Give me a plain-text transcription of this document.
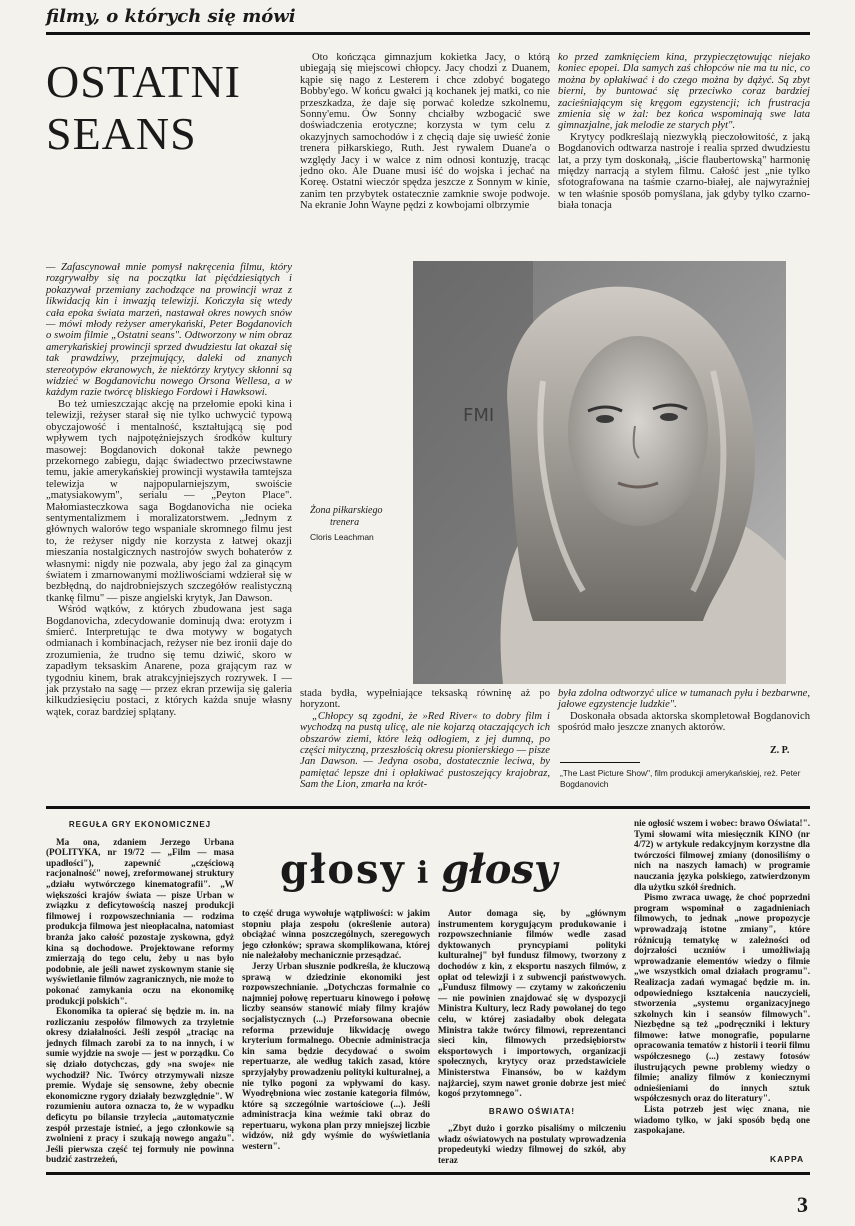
filmy, o których się mówi
OSTATNI
SEANS

— Zafascynował mnie pomysł nakręcenia filmu, który rozgrywałby się na początku lat pięćdziesiątych i pokazywał przemiany zachodzące na prowincji wraz z likwidacją kin i inwazją telewizji. Kończyła się wtedy cała epoka świata marzeń, nastawał okres nowych snów — mówi młody reżyser amerykański, Peter Bogdanovich o swoim filmie „Ostatni seans". Odtworzony w nim obraz amerykańskiej prowincji sprzed dwudziestu lat okazał się tak prawdziwy, przejmujący, daleki od znanych stereotypów ekranowych, że niektórzy krytycy skłonni są widzieć w Bogdanovichu nowego Orsona Wellesa, a w każdym razie twórcę bliskiego Fordowi i Hawksowi.

Bo też umieszczając akcję na przełomie epoki kina i telewizji, reżyser starał się nie tylko uchwycić typową obyczajowość i mentalność, kształtującą się pod wpływem tych najpotężniejszych środków kultury masowej: Bogdanovich dokonał także pewnego przekornego zabiegu, dając świadectwo przeciwstawne temu, jakie amerykańskiej prowincji wystawiła tamtejsza telewizja w najpopularniejszym, swoiście „matysiakowym", serialu — „Peyton Place". Małomiasteczkowa saga Bogdanovicha nie ocieka sentymentalizmem i moralizatorstwem. „Jednym z głównych walorów tego wspaniale skromnego filmu jest to, że reżyser nigdy nie korzysta z łatwej okazji mieszania nostalgicznych nastrojów swych bohaterów z własnymi: nigdy nie pozwala, aby jego żal za ginącym światem i zmarnowanymi możliwościami wdzierał się w bezbłędną, do najdrobniejszych szczegółów realistyczną tkankę filmu" — pisze angielski krytyk, Jan Dawson.

Wśród wątków, z których zbudowana jest saga Bogdanovicha, zdecydowanie dominują dwa: erotyzm i śmierć. Interpretując te dwa motywy w bogatych odmianach i kombinacjach, reżyser nie bez ironii daje do zrozumienia, że trudno się temu dziwić, skoro w zapadłym teksaskim Anarene, poza grającym raz w tygodniu kinem, brak atrakcyjniejszych rozrywek. I — jak przystało na sagę — przez ekran przewija się galeria kilkudziesięciu postaci, z których każda snuje własny wątek, coraz bardziej splątany.

Oto kończąca gimnazjum kokietka Jacy, o którą ubiegają się miejscowi chłopcy. Jacy chodzi z Duanem, kąpie się nago z Lesterem i chce zdobyć bogatego Bobby'ego. W końcu gwałci ją kochanek jej matki, co nie przeszkadza, że daje się porwać koledze szkolnemu, Sonny'emu. Ów Sonny chciałby wzbogacić swe doświadczenia erotyczne; korzysta w tym celu z okazyjnych samochodów i z chęcią daje się uwieść żonie trenera piłkarskiego, Ruth. Jest rywalem Duane'a o względy Jacy i w walce z nim odnosi kontuzję, tracąc jedno oko. Ale Duane musi iść do wojska i jechać na Koreę. Ostatni wieczór spędza jeszcze z Sonnym w kinie, zanim ten przybytek ostatecznie zamknie swoje podwoje. Na ekranie John Wayne pędzi z kowbojami olbrzymie

ko przed zamknięciem kina, przypieczętowując niejako koniec epopei. Dla samych zaś chłopców nie ma tu nic, co można by opłakiwać i do czego można by dążyć. Są zbyt bierni, by buntować się przeciwko coraz bardziej zacieśniającym się kręgom egzystencji; ich frustracja zmienia się w żal: bez końca wspominają swe lata gimnazjalne, jak melodie ze starych płyt".

Krytycy podkreślają niezwykłą pieczołowitość, z jaką Bogdanovich odtwarza nastroje i realia sprzed dwudziestu lat, a przy tym doskonałą, „iście flaubertowską" harmonię między narracją a stylem filmu. Całość jest „nie tylko sfotografowana na taśmie czarno-białej, ale najwyraźniej w ten właśnie sposób pomyślana, jak gdyby tylko czarno-biała tonacja

FMI
Żona piłkarskiego
trenera
Cloris Leachman

stada bydła, wypełniające teksaską równinę aż po horyzont.

„Chłopcy są zgodni, że »Red River« to dobry film i wychodzą na pustą ulicę, ale nie kojarzą otaczających ich obszarów ziemi, które leżą odłogiem, z jej dumną, po części mityczną, przeszłością okresu pionierskiego — pisze Jan Dawson. — Jedyna osoba, dostatecznie leciwa, by pamiętać lepsze dni i opłakiwać pustoszejący krajobraz, Sam the Lion, zmarła na krót-

była zdolna odtworzyć ulice w tumanach pyłu i bezbarwne, jałowe egzystencje ludzkie".

Doskonała obsada aktorska skompletował Bogdanovich spośród mało jeszcze znanych aktorów.

Z. P.
„The Last Picture Show", film produkcji amerykańskiej, reż. Peter Bogdanovich
głosy i głosy

REGUŁA GRY EKONOMICZNEJ

Ma ona, zdaniem Jerzego Urbana (POLITYKA, nr 19/72 — „Film — masa upadłości"), zapewnić „częściową racjonalność" nowej, zreformowanej struktury „działu wytwórczego kinematografii". „W większości krajów świata — pisze Urban w związku z deficytowością naszej produkcji filmowej i rozpowszechniania — rodzima produkcja filmowa jest nieopłacalna, natomiast branża jako całość pozostaje zyskowna, gdyż kina są dochodowe. Projektowane reformy zmierzają do tego celu, żeby u nas było podobnie, ale jeśli nawet zyskownym stanie się wyświetlanie filmów zagranicznych, nie może to pokonać zamykania oczu na ekonomikę produkcji polskich".

Ekonomika ta opierać się będzie m. in. na rozliczaniu zespołów filmowych za trzyletnie okresy działalności. Jeśli zespół „traciąc na jednych filmach zarobi za to na innych, i w sumie wyjdzie na swoje — jest w porządku. Co się działo dotychczas, gdy »na swoje« nie wychodził? Nic. Twórcy otrzymywali nizsze premie. Wydaje się sensowne, żeby obecnie ekonomiczne rygory działały bezwzględnie". W rozumieniu autora oznacza to, że w wypadku deficytu po bilansie trzylecia „automatycznie zespół przestaje istnieć, a jego członkowie są zwolnieni z pracy i szukają nowego angażu". Jeśli pierwsza część tej formuły nie powinna budzić zastrzeżeń,

to część druga wywołuje wątpliwości: w jakim stopniu płaja zespołu (określenie autora) obciążać winna poszczególnych, szeregowych jego członków; sprawa skomplikowana, której nie należałoby mechanicznie przesądzać.

Jerzy Urban słusznie podkreśla, że kluczową sprawą w dziedzinie ekonomiki jest rozpowszechnianie. „Dotychczas formalnie co najmniej połowę repertuaru kinowego i połowę liczby seansów stanowić miały filmy krajów socjalistycznych (...) Przeforsowana obecnie reforma przewiduje likwidację owego kryterium formalnego. Obecnie administracja kin sama będzie decydować o swoim repertuarze, ale według takich zasad, które sprzyjałyby prowadzeniu polityki kulturalnej, a nie tylko pogoni za wpływami do kasy. Wyodrębniona wiec zostanie kategoria filmów, które są szczególnie wartościowe (...). Jeśli administracja kina weźmie taki obraz do repertuaru, wykona plan przy mniejszej liczbie widzów, niż gdy wyśmie do wyświetlania western".

Autor domaga się, by „głównym instrumentem korygującym produkowanie i rozpowszechnianie filmów wedle zasad dyktowanych pryncypiami polityki kulturalnej" był fundusz filmowy, tworzony z dochodów z kin, z eksportu naszych filmów, z opłat od telewizji i z subwencji państwowych. „Fundusz filmowy — czytamy w zakończeniu — nie powinien znajdować się w dyspozycji Ministra Kultury, lecz Rady powołanej do tego celu, w której zasiadałby obok delegata Ministra także twórcy filmowi, reprezentanci sieci kin, filmowych przedsiębiorstw eksportowych i importowych, organizacji społecznych, krytycy oraz przedstawiciele Ministerstwa Finansów, bo w każdym najżarciej, szym nawet gronie dobrze jest mieć kogoś przytomnego".

BRAWO OŚWIATA!

„Zbyt dużo i gorzko pisaliśmy o milczeniu władz oświatowych na postulaty wprowadzenia propedeutyki wiedzy filmowej do szkół, aby teraz

nie ogłosić wszem i wobec: brawo Oświata!". Tymi słowami wita miesięcznik KINO (nr 4/72) w artykule redakcyjnym korzystne dla twórczości filmowej zmiany (donosiliśmy o nich na naszych łamach) w programie nauczania języka polskiego, zatwierdzonym dla użytku szkół średnich.

Pismo zwraca uwagę, że choć poprzedni program wspominał o zagadnieniach filmowych, to jednak „nowe propozycje wprowadzają istotne zmiany", które różnicują tematykę w zależności od dojrzałości uczniów i umożliwiają wprowadzanie elementów wiedzy o filmie „we wszystkich omal działach programu". Realizacja zadań wymagać będzie m. in. odpowiedniego kształcenia nauczycieli, stworzenia „systemu organizacyjnego szkolnych kin i seansów filmowych". Niezbędne są też „podręczniki i lektury filmowe: łatwe monografie, popularne opracowania tematów z historii i teorii filmu współczesnego (...) zestawy fotosów ilustrujących pewne problemy wiedzy o filmie; analizy filmów z koniecznymi odnieśieniami do innych sztuk współczesnych oraz do literatury".

Lista potrzeb jest więc znana, nie wiadomo tylko, w jaki sposób będą one zaspokajane.

KAPPA
3
